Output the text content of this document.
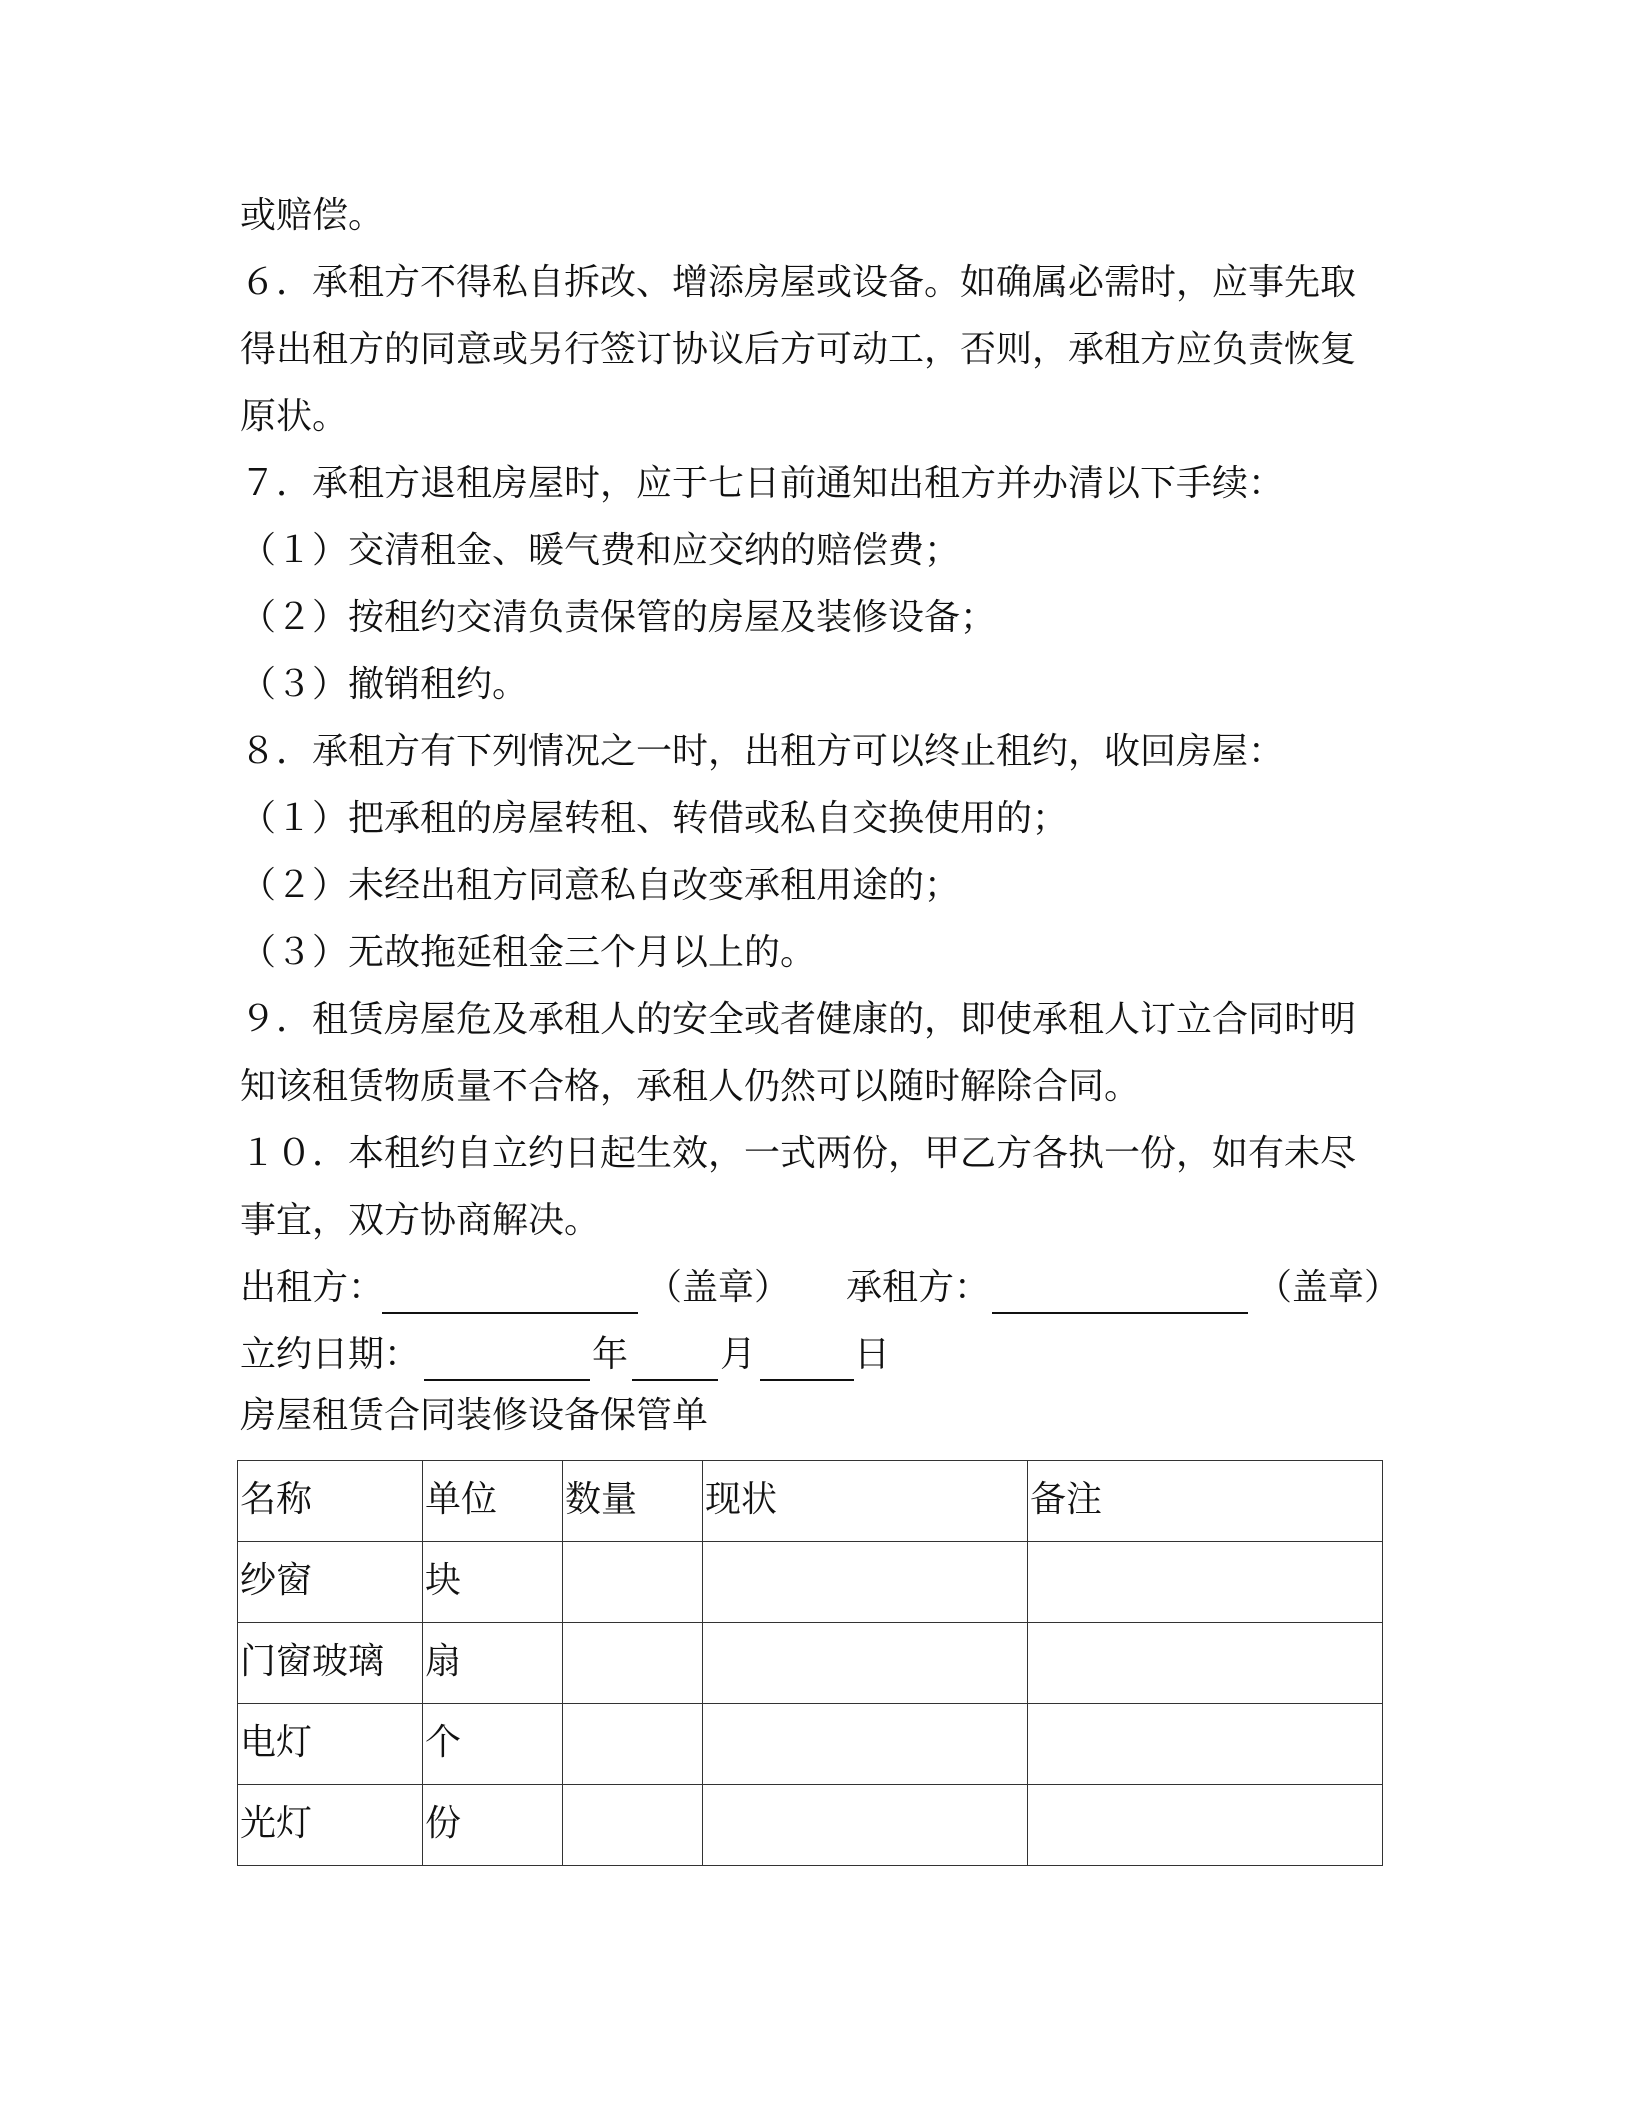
或赔偿。
６．承租方不得私自拆改、增添房屋或设备。如确属必需时，应事先取
得出租方的同意或另行签订协议后方可动工，否则，承租方应负责恢复
原状。
７．承租方退租房屋时，应于七日前通知出租方并办清以下手续：
（１）交清租金、暖气费和应交纳的赔偿费；
（２）按租约交清负责保管的房屋及装修设备；
（３）撤销租约。
８．承租方有下列情况之一时，出租方可以终止租约，收回房屋：
（１）把承租的房屋转租、转借或私自交换使用的；
（２）未经出租方同意私自改变承租用途的；
（３）无故拖延租金三个月以上的。
９．租赁房屋危及承租人的安全或者健康的，即使承租人订立合同时明
知该租赁物质量不合格，承租人仍然可以随时解除合同。
１０．本租约自立约日起生效，一式两份，甲乙方各执一份，如有未尽
事宜，双方协商解决。
出租方：	（盖章） 承租方：	（盖章）
立约日期：	年	月	日
房屋租赁合同装修设备保管单
名称	单位	数量	现状	备注
纱窗	块			
门窗玻璃	扇			
电灯	个			
光灯	份			
